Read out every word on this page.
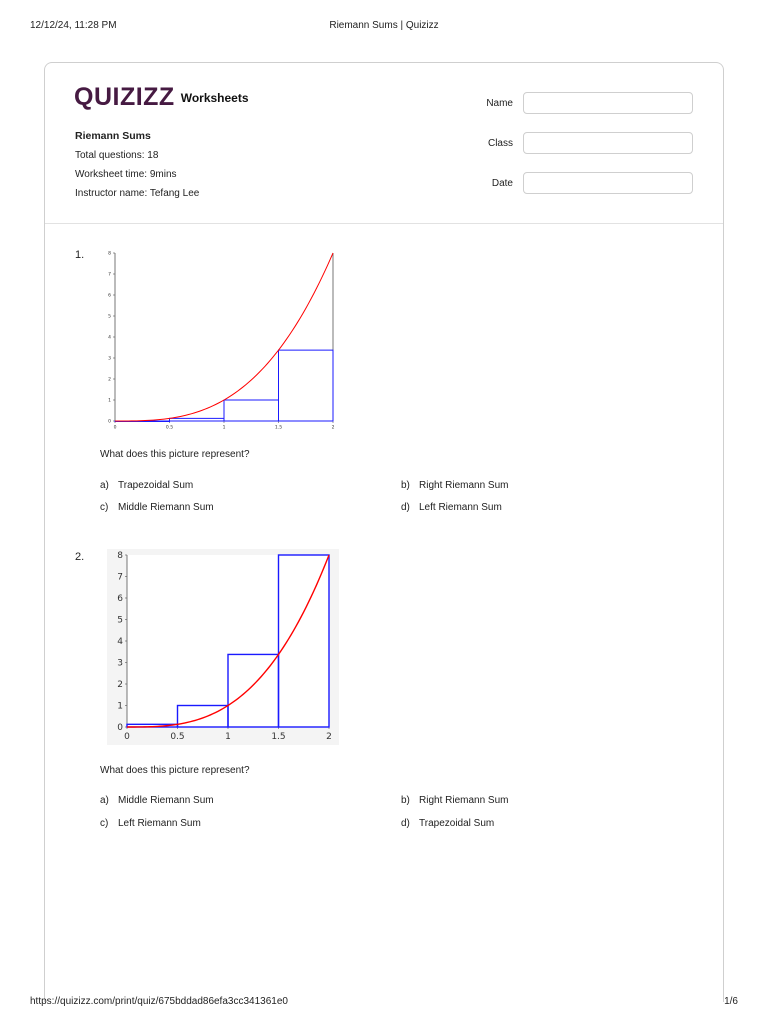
12/12/24, 11:28 PM	Riemann Sums | Quizizz
QUIZIZZ Worksheets
Riemann Sums
Total questions: 18
Worksheet time: 9mins
Instructor name: Tefang Lee
Name
Class
Date
1.
0	0.5	1	1.5	2
0
1
2
3
4
5
6
7
8
What does this picture represent?
a) Trapezoidal Sum	b) Right Riemann Sum
c) Middle Riemann Sum	d) Left Riemann Sum
2.
0	0.5	1	1.5	2
0
1
2
3
4
5
6
7
8
What does this picture represent?
a) Middle Riemann Sum	b) Right Riemann Sum
c) Left Riemann Sum	d) Trapezoidal Sum
https://quizizz.com/print/quiz/675bddad86efa3cc341361e0	1/6
